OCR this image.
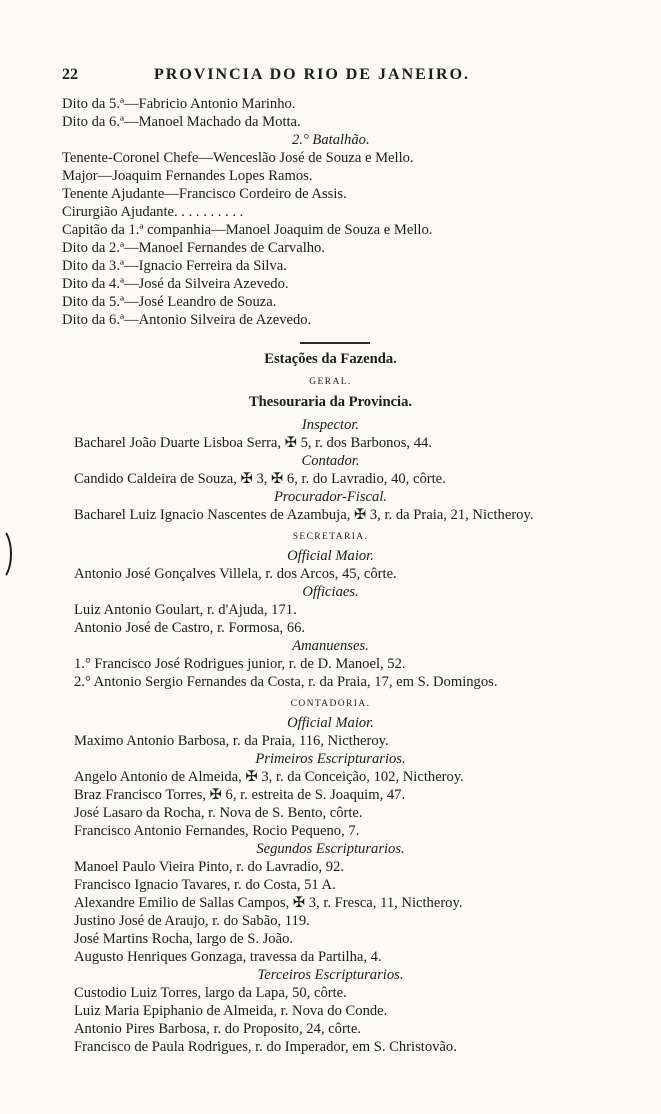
22	PROVINCIA DO RIO DE JANEIRO.
Dito da 5.ª—Fabricio Antonio Marinho.
Dito da 6.ª—Manoel Machado da Motta.
2.° Batalhão.
Tenente-Coronel Chefe—Wenceslão José de Souza e Mello.
Major—Joaquim Fernandes Lopes Ramos.
Tenente Ajudante—Francisco Cordeiro de Assis.
Cirurgião Ajudante. . . . . . . . . .
Capitão da 1.ª companhia—Manoel Joaquim de Souza e Mello.
Dito da 2.ª—Manoel Fernandes de Carvalho.
Dito da 3.ª—Ignacio Ferreira da Silva.
Dito da 4.ª—José da Silveira Azevedo.
Dito da 5.ª—José Leandro de Souza.
Dito da 6.ª—Antonio Silveira de Azevedo.
Estações da Fazenda.
GERAL.
Thesouraria da Provincia.
Inspector.
Bacharel João Duarte Lisboa Serra, ✠ 5, r. dos Barbonos, 44.
Contador.
Candido Caldeira de Souza, ✠ 3, ✠ 6, r. do Lavradio, 40, côrte.
Procurador-Fiscal.
Bacharel Luiz Ignacio Nascentes de Azambuja, ✠ 3, r. da Praia, 21, Nictheroy.
SECRETARIA.
Official Maior.
Antonio José Gonçalves Villela, r. dos Arcos, 45, côrte.
Officiaes.
Luiz Antonio Goulart, r. d'Ajuda, 171.
Antonio José de Castro, r. Formosa, 66.
Amanuenses.
1.° Francisco José Rodrigues junior, r. de D. Manoel, 52.
2.° Antonio Sergio Fernandes da Costa, r. da Praia, 17, em S. Domingos.
CONTADORIA.
Official Maior.
Maximo Antonio Barbosa, r. da Praia, 116, Nictheroy.
Primeiros Escripturarios.
Angelo Antonio de Almeida, ✠ 3, r. da Conceição, 102, Nictheroy.
Braz Francisco Torres, ✠ 6, r. estreita de S. Joaquim, 47.
José Lasaro da Rocha, r. Nova de S. Bento, côrte.
Francisco Antonio Fernandes, Rocio Pequeno, 7.
Segundos Escripturarios.
Manoel Paulo Vieira Pinto, r. do Lavradio, 92.
Francisco Ignacio Tavares, r. do Costa, 51 A.
Alexandre Emilio de Sallas Campos, ✠ 3, r. Fresca, 11, Nictheroy.
Justino José de Araujo, r. do Sabão, 119.
José Martins Rocha, largo de S. João.
Augusto Henriques Gonzaga, travessa da Partilha, 4.
Terceiros Escripturarios.
Custodio Luiz Torres, largo da Lapa, 50, côrte.
Luiz Maria Epiphanio de Almeida, r. Nova do Conde.
Antonio Pires Barbosa, r. do Proposito, 24, côrte.
Francisco de Paula Rodrigues, r. do Imperador, em S. Christovão.
